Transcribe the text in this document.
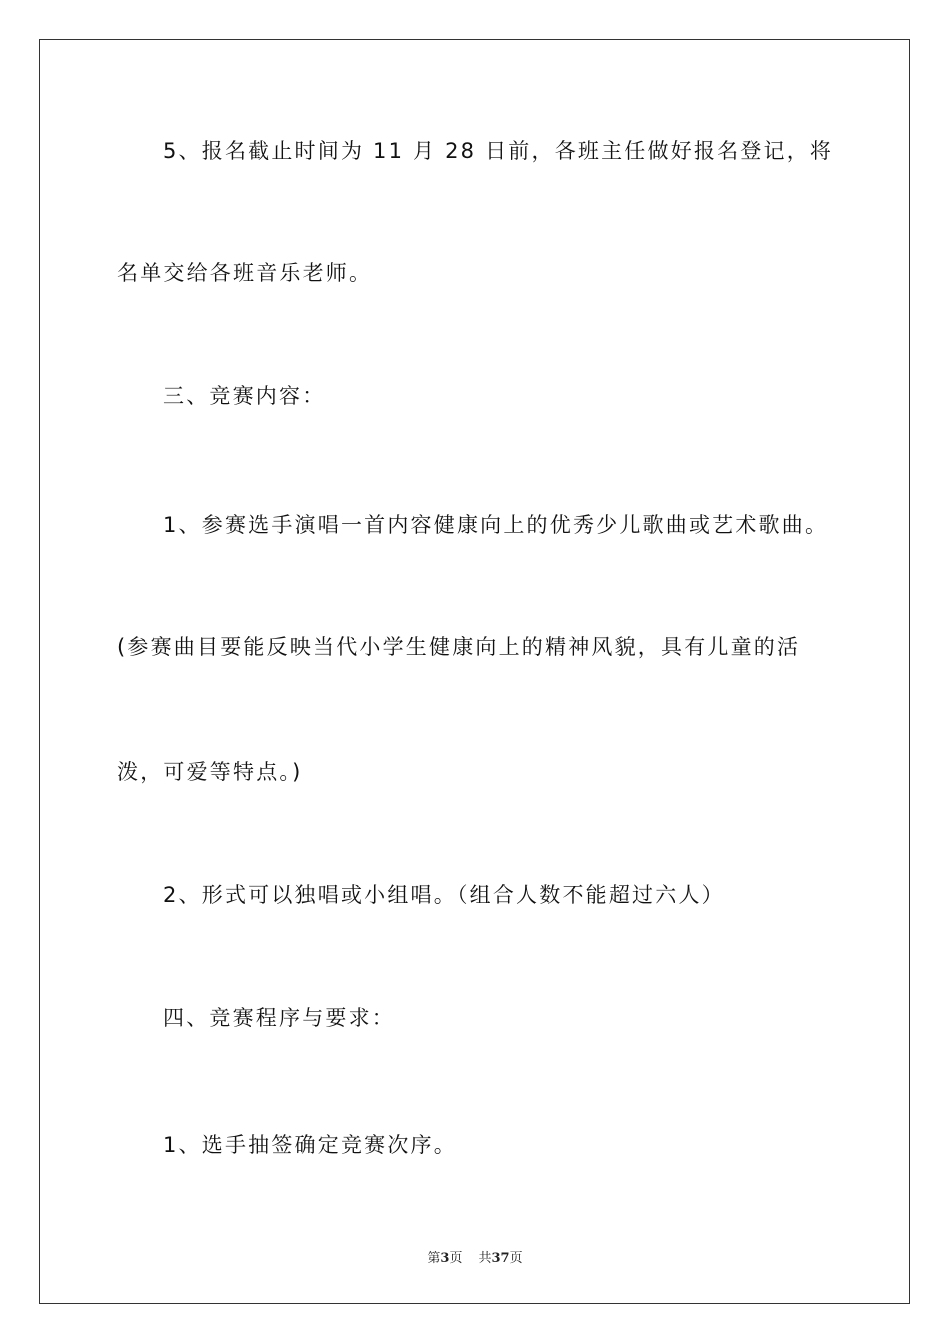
5、报名截止时间为 11 月 28 日前，各班主任做好报名登记，将
名单交给各班音乐老师。
三、竞赛内容：
1、参赛选手演唱一首内容健康向上的优秀少儿歌曲或艺术歌曲。
(参赛曲目要能反映当代小学生健康向上的精神风貌，具有儿童的活
泼，可爱等特点。)
2、形式可以独唱或小组唱。（组合人数不能超过六人）
四、竞赛程序与要求：
1、选手抽签确定竞赛次序。
第3页 共37页
